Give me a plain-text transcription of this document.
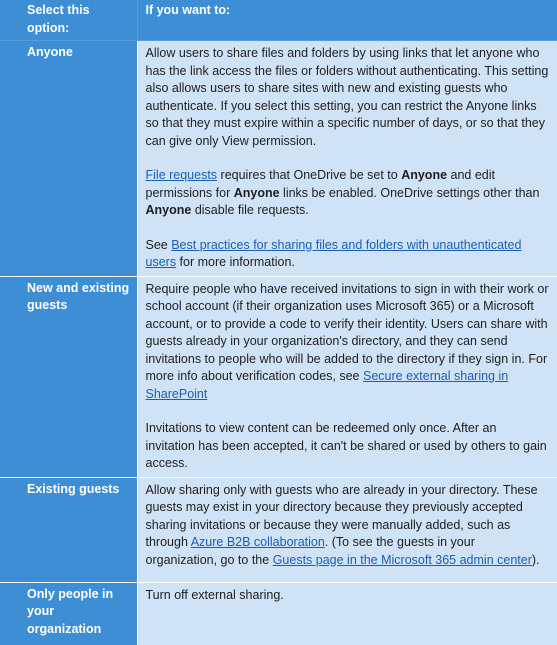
Select this option:	If you want to:
Anyone	Allow users to share files and folders by using links that let anyone who has the link access the files or folders without authenticating. This setting also allows users to share sites with new and existing guests who authenticate. If you select this setting, you can restrict the Anyone links so that they must expire within a specific number of days, or so that they can give only View permission.

File requests requires that OneDrive be set to Anyone and edit permissions for Anyone links be enabled. OneDrive settings other than Anyone disable file requests.

See Best practices for sharing files and folders with unauthenticated users for more information.

New and existing guests	Require people who have received invitations to sign in with their work or school account (if their organization uses Microsoft 365) or a Microsoft account, or to provide a code to verify their identity. Users can share with guests already in your organization's directory, and they can send invitations to people who will be added to the directory if they sign in. For more info about verification codes, see Secure external sharing in SharePoint

Invitations to view content can be redeemed only once. After an invitation has been accepted, it can't be shared or used by others to gain access.

Existing guests	Allow sharing only with guests who are already in your directory. These guests may exist in your directory because they previously accepted sharing invitations or because they were manually added, such as through Azure B2B collaboration. (To see the guests in your organization, go to the Guests page in the Microsoft 365 admin center).

Only people in your organization	Turn off external sharing.
